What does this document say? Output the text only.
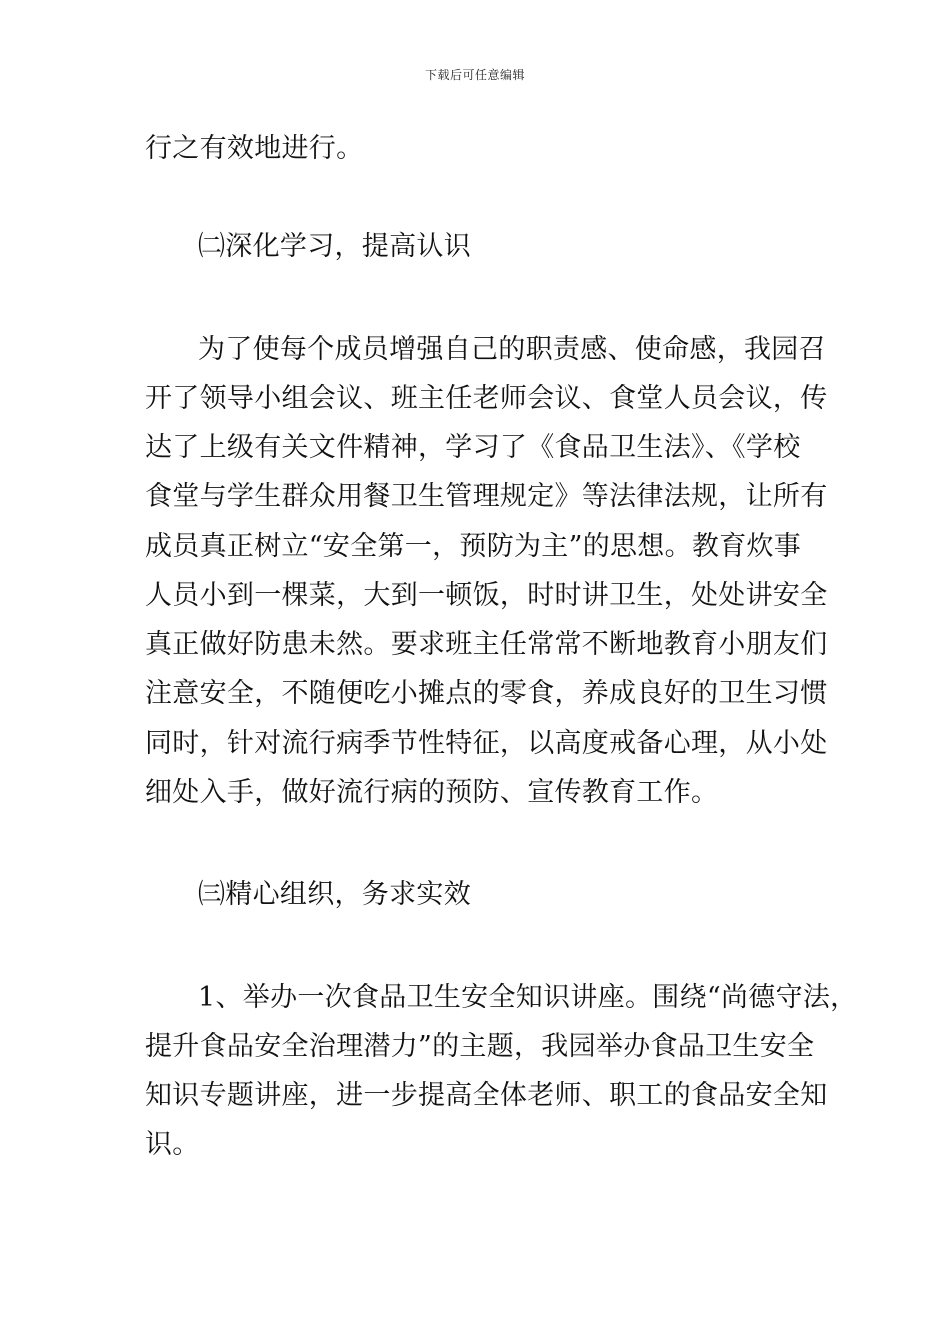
下载后可任意编辑
行之有效地进行。
㈡深化学习，提高认识
为了使每个成员增强自己的职责感、使命感，我园召
开了领导小组会议、班主任老师会议、食堂人员会议，传
达了上级有关文件精神，学习了《食品卫生法》、《学校
食堂与学生群众用餐卫生管理规定》等法律法规，让所有
成员真正树立“安全第一，预防为主”的思想。教育炊事
人员小到一棵菜，大到一顿饭，时时讲卫生，处处讲安全
真正做好防患未然。要求班主任常常不断地教育小朋友们
注意安全，不随便吃小摊点的零食，养成良好的卫生习惯
同时，针对流行病季节性特征，以高度戒备心理，从小处
细处入手，做好流行病的预防、宣传教育工作。
㈢精心组织，务求实效
1、举办一次食品卫生安全知识讲座。围绕“尚德守法，
提升食品安全治理潜力”的主题，我园举办食品卫生安全
知识专题讲座，进一步提高全体老师、职工的食品安全知
识。
